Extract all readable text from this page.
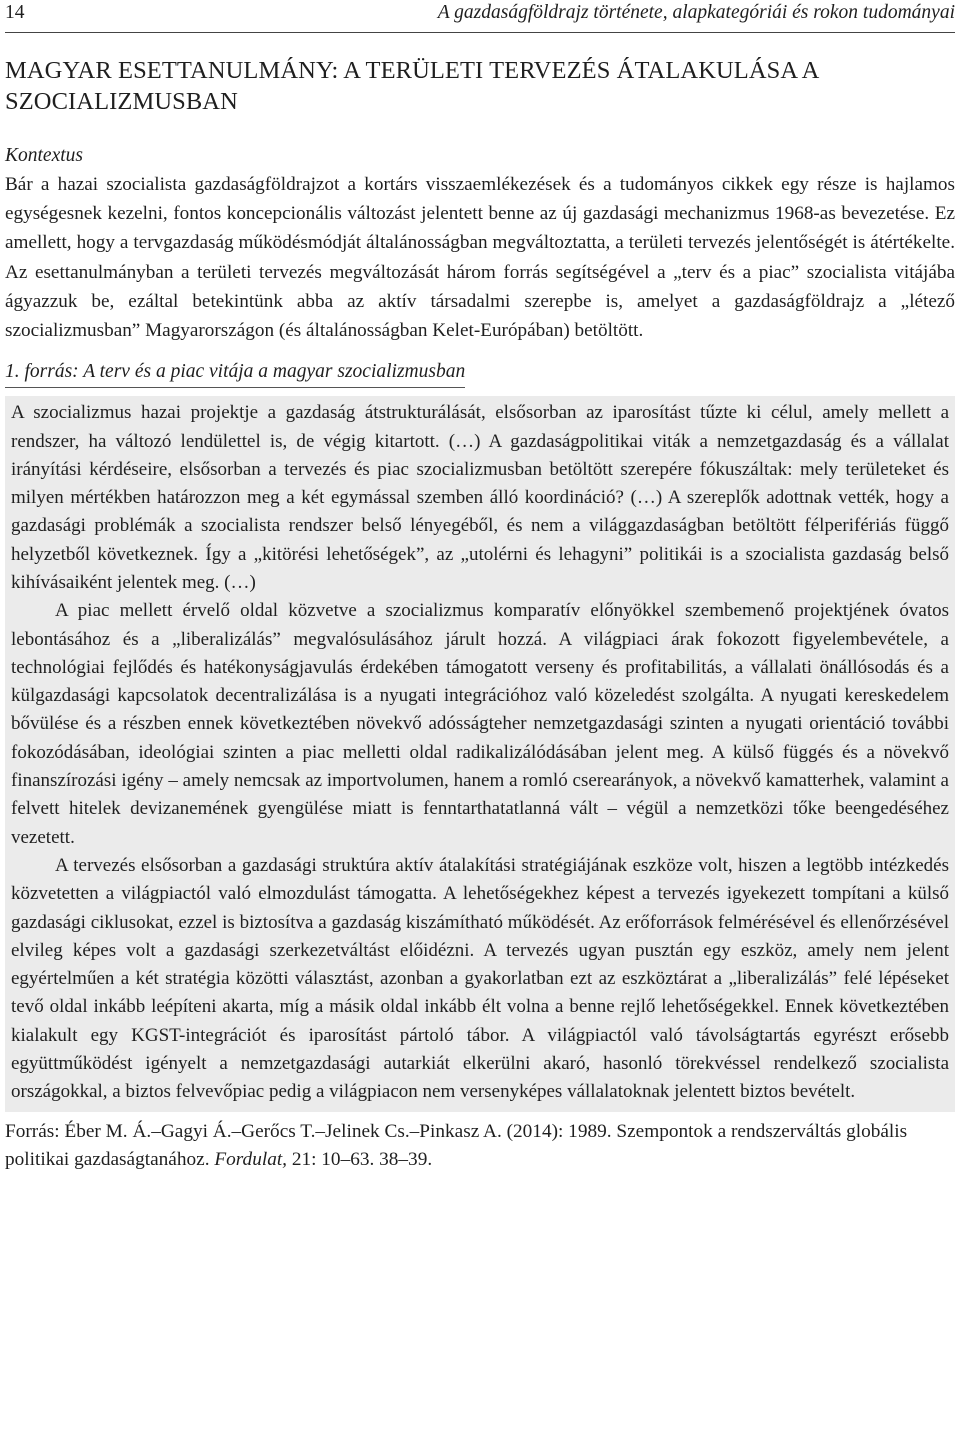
14	A gazdaságföldrajz története, alapkategóriái és rokon tudományai
MAGYAR ESETTANULMÁNY: A TERÜLETI TERVEZÉS ÁTALAKULÁSA A SZOCIALIZMUSBAN
Kontextus

Bár a hazai szocialista gazdaságföldrajzot a kortárs visszaemlékezések és a tudományos cikkek egy része is hajlamos egységesnek kezelni, fontos koncepcionális változást jelentett benne az új gazdasági mechanizmus 1968-as bevezetése. Ez amellett, hogy a tervgazdaság működésmódját általánosságban megváltoztatta, a területi tervezés jelentőségét is átértékelte. Az esettanulmányban a területi tervezés megváltozását három forrás segítségével a „terv és a piac” szocialista vitájába ágyazzuk be, ezáltal betekintünk abba az aktív társadalmi szerepbe is, amelyet a gazdaságföldrajz a „létező szocializmusban” Magyarországon (és általánosságban Kelet-Európában) betöltött.

1. forrás: A terv és a piac vitája a magyar szocializmusban

A szocializmus hazai projektje a gazdaság átstrukturálását, elsősorban az iparosítást tűzte ki célul, amely mellett a rendszer, ha változó lendülettel is, de végig kitartott. (…) A gazdaságpolitikai viták a nemzetgazdaság és a vállalat irányítási kérdéseire, elsősorban a tervezés és piac szocializmusban betöltött szerepére fókuszáltak: mely területeket és milyen mértékben határozzon meg a két egymással szemben álló koordináció? (…) A szereplők adottnak vették, hogy a gazdasági problémák a szocialista rendszer belső lényegéből, és nem a világgazdaságban betöltött félperifériás függő helyzetből következnek. Így a „kitörési lehetőségek”, az „utolérni és lehagyni” politikái is a szocialista gazdaság belső kihívásaiként jelentek meg. (…)

A piac mellett érvelő oldal közvetve a szocializmus komparatív előnyökkel szembemenő projektjének óvatos lebontásához és a „liberalizálás” megvalósulásához járult hozzá. A világpiaci árak fokozott figyelembevétele, a technológiai fejlődés és hatékonyságjavulás érdekében támogatott verseny és profitabilitás, a vállalati önállósodás és a külgazdasági kapcsolatok decentralizálása is a nyugati integrációhoz való közeledést szolgálta. A nyugati kereskedelem bővülése és a részben ennek következtében növekvő adósságteher nemzetgazdasági szinten a nyugati orientáció további fokozódásában, ideológiai szinten a piac melletti oldal radikalizálódásában jelent meg. A külső függés és a növekvő finanszírozási igény – amely nemcsak az importvolumen, hanem a romló cserearányok, a növekvő kamatterhek, valamint a felvett hitelek devizanemének gyengülése miatt is fenntarthatatlanná vált – végül a nemzetközi tőke beengedéséhez vezetett.

A tervezés elsősorban a gazdasági struktúra aktív átalakítási stratégiájának eszköze volt, hiszen a legtöbb intézkedés közvetetten a világpiactól való elmozdulást támogatta. A lehetőségekhez képest a tervezés igyekezett tompítani a külső gazdasági ciklusokat, ezzel is biztosítva a gazdaság kiszámítható működését. Az erőforrások felmérésével és ellenőrzésével elvileg képes volt a gazdasági szerkezetváltást előidézni. A tervezés ugyan pusztán egy eszköz, amely nem jelent egyértelműen a két stratégia közötti választást, azonban a gyakorlatban ezt az eszköztárat a „liberalizálás” felé lépéseket tevő oldal inkább leépíteni akarta, míg a másik oldal inkább élt volna a benne rejlő lehetőségekkel. Ennek következtében kialakult egy KGST-integrációt és iparosítást pártoló tábor. A világpiactól való távolságtartás egyrészt erősebb együttműködést igényelt a nemzetgazdasági autarkiát elkerülni akaró, hasonló törekvéssel rendelkező szocialista országokkal, a biztos felvevőpiac pedig a világpiacon nem versenyképes vállalatoknak jelentett biztos bevételt.

Forrás: Éber M. Á.–Gagyi Á.–Gerőcs T.–Jelinek Cs.–Pinkasz A. (2014): 1989. Szempontok a rendszerváltás globális politikai gazdaságtanához. Fordulat, 21: 10–63. 38–39.
